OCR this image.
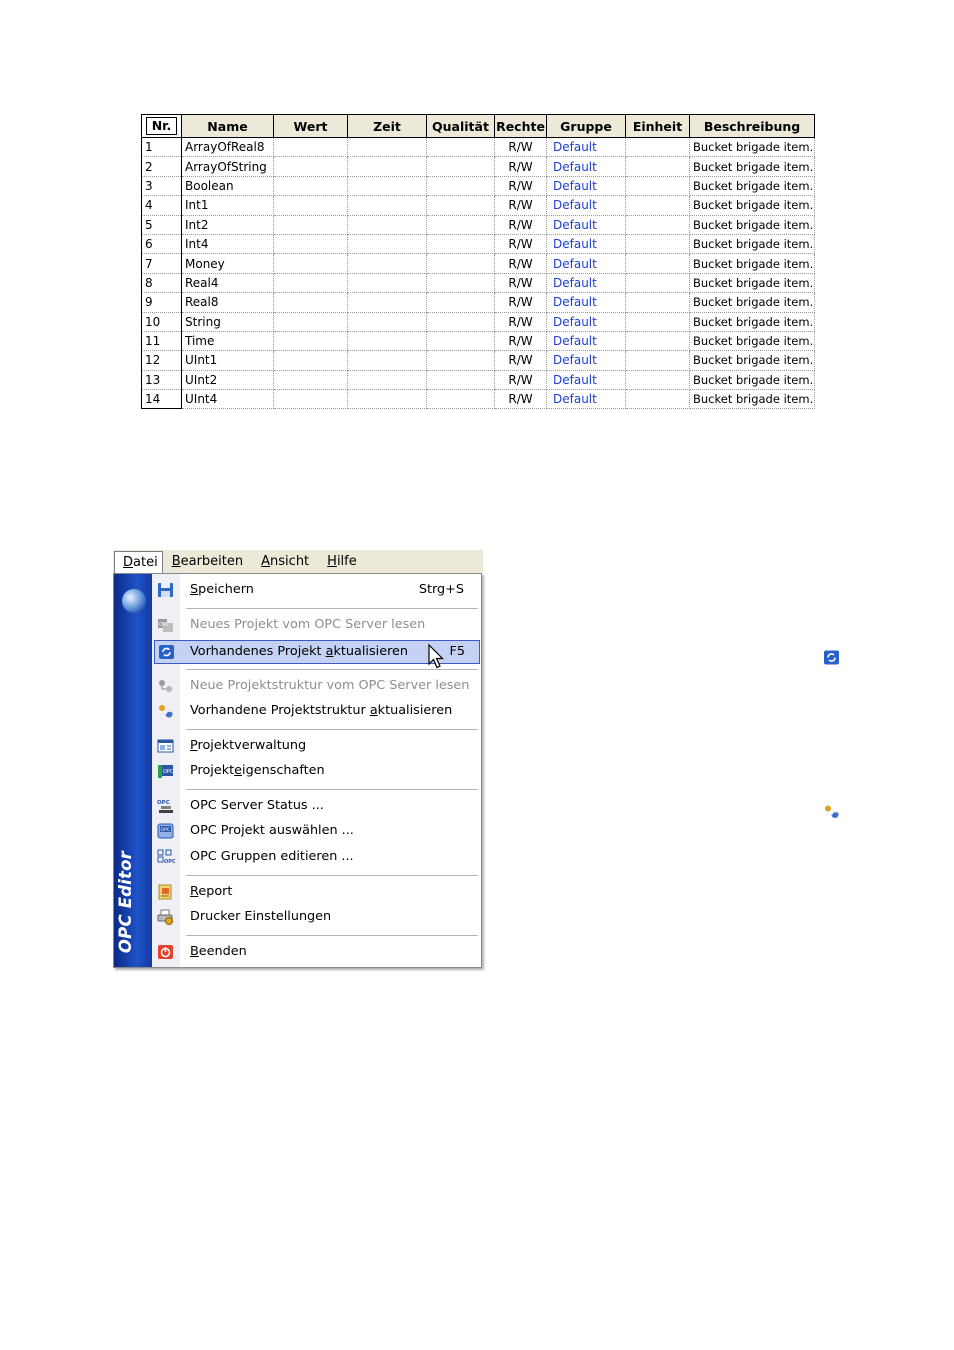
Nr.	Name	Wert	Zeit	Qualität	Rechte	Gruppe	Einheit	Beschreibung
1	ArrayOfReal8				R/W	Default		Bucket brigade item.
2	ArrayOfString				R/W	Default		Bucket brigade item.
3	Boolean				R/W	Default		Bucket brigade item.
4	Int1				R/W	Default		Bucket brigade item.
5	Int2				R/W	Default		Bucket brigade item.
6	Int4				R/W	Default		Bucket brigade item.
7	Money				R/W	Default		Bucket brigade item.
8	Real4				R/W	Default		Bucket brigade item.
9	Real8				R/W	Default		Bucket brigade item.
10	String				R/W	Default		Bucket brigade item.
11	Time				R/W	Default		Bucket brigade item.
12	UInt1				R/W	Default		Bucket brigade item.
13	UInt2				R/W	Default		Bucket brigade item.
14	UInt4				R/W	Default		Bucket brigade item.
Datei	Bearbeiten	Ansicht	Hilfe
OPC Editor
Speichern	Strg+S
OPC Neues Projekt vom OPC Server lesen
Vorhandenes Projekt aktualisieren	F5
Neue Projektstruktur vom OPC Server lesen
Vorhandene Projektstruktur aktualisieren
Projektverwaltung
OPC Projekteigenschaften
OPC OPC Server Status ...
OPC OPC Projekt auswählen ...
OPC OPC Gruppen editieren ...
Report
Drucker Einstellungen
Beenden
